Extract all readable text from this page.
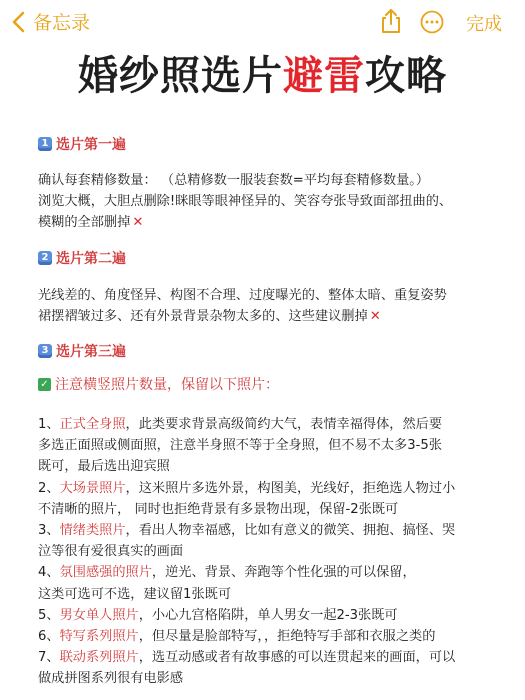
备忘录	完成
婚纱照选片避雷攻略
1 选片第一遍
确认每套精修数量： （总精修数一服装套数=平均每套精修数量。）
浏览大概，大胆点删除!眯眼等眼神怪异的、笑容夸张导致面部扭曲的、
模糊的全部删掉 ✕
2 选片第二遍
光线差的、角度怪异、构图不合理、过度曝光的、整体太暗、重复姿势
裙摆褶皱过多、还有外景背景杂物太多的、这些建议删掉 ✕
3 选片第三遍
✓ 注意横竖照片数量，保留以下照片：
1、正式全身照，此类要求背景高级简约大气，表情幸福得体，然后要
多选正面照或侧面照，注意半身照不等于全身照，但不易不太多3-5张
既可，最后选出迎宾照
2、大场景照片，这米照片多选外景，构图美，光线好，拒绝选人物过小
不清晰的照片， 同时也拒绝背景有多景物出现，保留-2张既可
3、情绪类照片，看出人物幸福感，比如有意义的微笑、拥抱、搞怪、哭
泣等很有爱很真实的画面
4、氛围感强的照片，逆光、背景、奔跑等个性化强的可以保留，
这类可选可不选，建议留1张既可
5、男女单人照片，小心九宫格陷阱，单人男女一起2-3张既可
6、特写系列照片，但尽量是脸部特写，，拒绝特写手部和衣服之类的
7、联动系列照片，选互动感或者有故事感的可以连贯起来的画面，可以
做成拼图系列很有电影感
